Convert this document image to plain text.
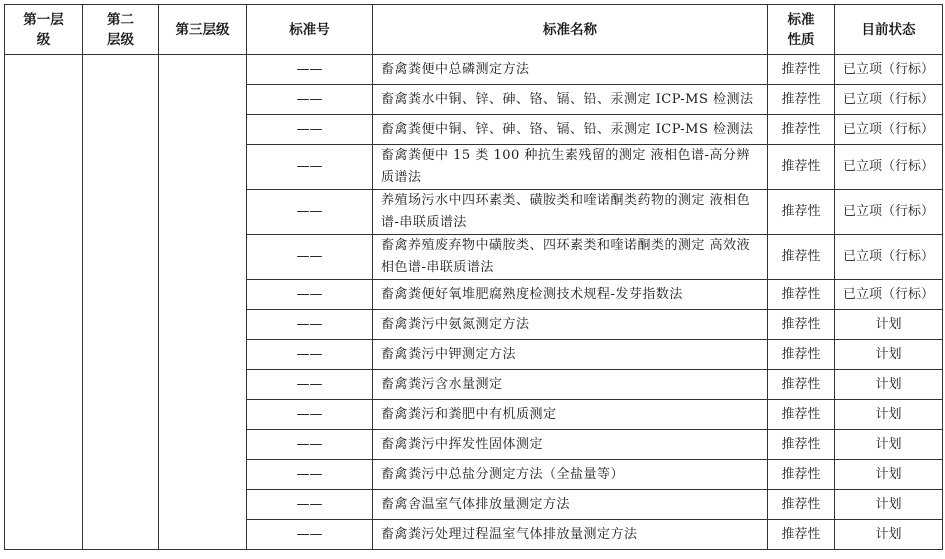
第一层级	第二层级	第三层级	标准号	标准名称	标准性质	目前状态
			——	畜禽粪便中总磷测定方法	推荐性	已立项（行标）
			——	畜禽粪水中铜、锌、砷、铬、镉、铅、汞测定 ICP-MS 检测法	推荐性	已立项（行标）
			——	畜禽粪便中铜、锌、砷、铬、镉、铅、汞测定 ICP-MS 检测法	推荐性	已立项（行标）
			——	畜禽粪便中 15 类 100 种抗生素残留的测定 液相色谱-高分辨质谱法	推荐性	已立项（行标）
			——	养殖场污水中四环素类、磺胺类和喹诺酮类药物的测定 液相色谱-串联质谱法	推荐性	已立项（行标）
			——	畜禽养殖废弃物中磺胺类、四环素类和喹诺酮类的测定 高效液相色谱-串联质谱法	推荐性	已立项（行标）
			——	畜禽粪便好氧堆肥腐熟度检测技术规程-发芽指数法	推荐性	已立项（行标）
			——	畜禽粪污中氨氮测定方法	推荐性	计划
			——	畜禽粪污中钾测定方法	推荐性	计划
			——	畜禽粪污含水量测定	推荐性	计划
			——	畜禽粪污和粪肥中有机质测定	推荐性	计划
			——	畜禽粪污中挥发性固体测定	推荐性	计划
			——	畜禽粪污中总盐分测定方法（全盐量等）	推荐性	计划
			——	畜禽舍温室气体排放量测定方法	推荐性	计划
			——	畜禽粪污处理过程温室气体排放量测定方法	推荐性	计划
